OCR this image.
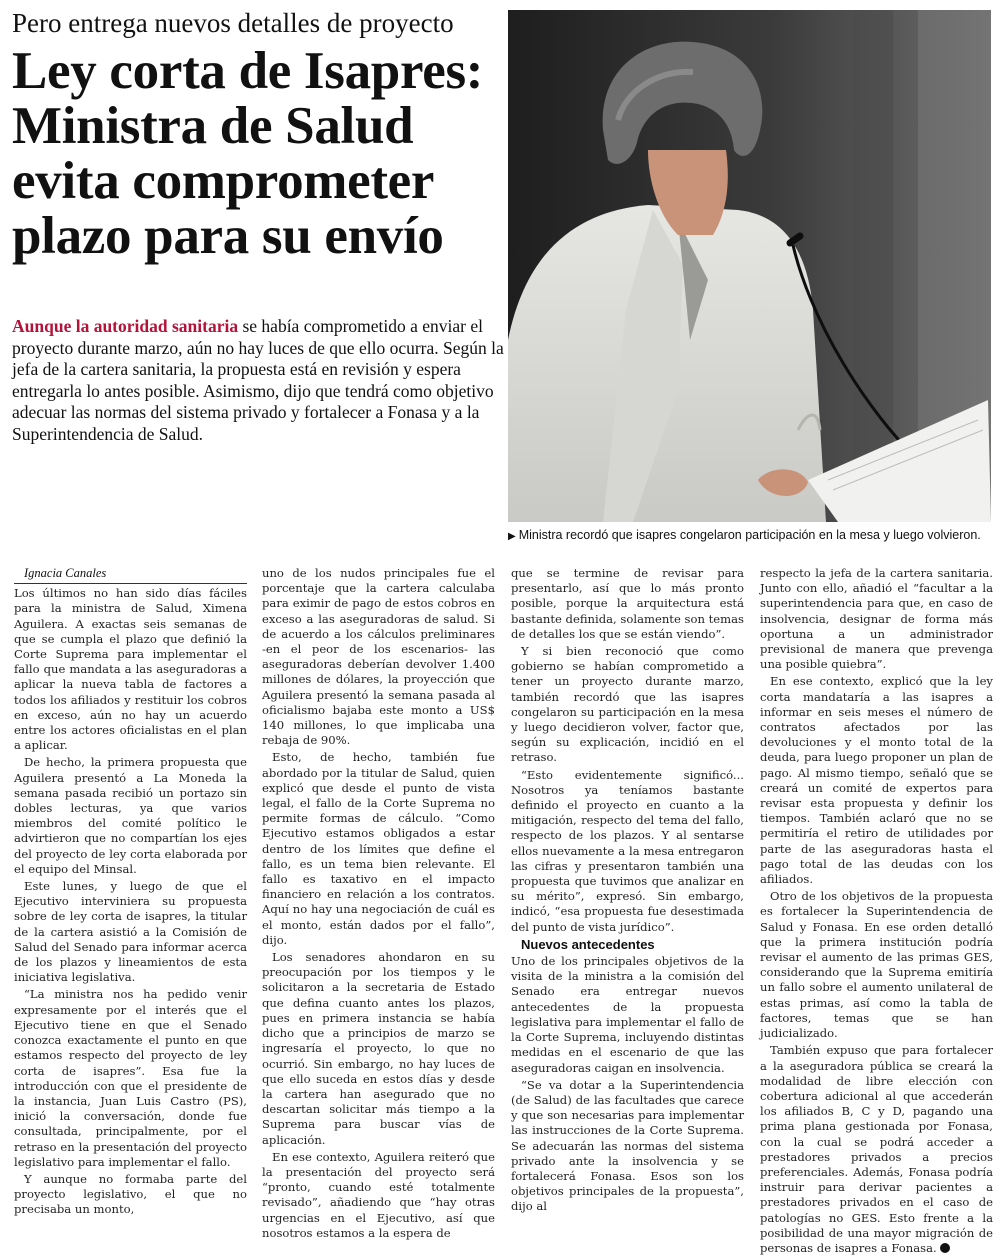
Pero entrega nuevos detalles de proyecto
Ley corta de Isapres:
Ministra de Salud
evita comprometer
plazo para su envío
Aunque la autoridad sanitaria se había comprometido a enviar el proyecto durante marzo, aún no hay luces de que ello ocurra. Según la jefa de la cartera sanitaria, la propuesta está en revisión y espera entregarla lo antes posible. Asimismo, dijo que tendrá como objetivo adecuar las normas del sistema privado y fortalecer a Fonasa y a la Superintendencia de Salud.
▶ Ministra recordó que isapres congelaron participación en la mesa y luego volvieron.

Ignacia Canales

Los últimos no han sido días fáciles para la ministra de Salud, Ximena Aguilera. A exactas seis semanas de que se cumpla el plazo que definió la Corte Suprema para implementar el fallo que mandata a las aseguradoras a aplicar la nueva tabla de factores a todos los afiliados y restituir los cobros en exceso, aún no hay un acuerdo entre los actores oficialistas en el plan a aplicar.

De hecho, la primera propuesta que Aguilera presentó a La Moneda la semana pasada recibió un portazo sin dobles lecturas, ya que varios miembros del comité político le advirtieron que no compartían los ejes del proyecto de ley corta elaborada por el equipo del Minsal.

Este lunes, y luego de que el Ejecutivo interviniera su propuesta sobre de ley corta de isapres, la titular de la cartera asistió a la Comisión de Salud del Senado para informar acerca de los plazos y lineamientos de esta iniciativa legislativa.

“La ministra nos ha pedido venir expresamente por el interés que el Ejecutivo tiene en que el Senado conozca exactamente el punto en que estamos respecto del proyecto de ley corta de isapres”. Esa fue la introducción con que el presidente de la instancia, Juan Luis Castro (PS), inició la conversación, donde fue consultada, principalmente, por el retraso en la presentación del proyecto legislativo para implementar el fallo.

Y aunque no formaba parte del proyecto legislativo, el que no precisaba un monto,

uno de los nudos principales fue el porcentaje que la cartera calculaba para eximir de pago de estos cobros en exceso a las aseguradoras de salud. Si de acuerdo a los cálculos preliminares -en el peor de los escenarios- las aseguradoras deberían devolver 1.400 millones de dólares, la proyección que Aguilera presentó la semana pasada al oficialismo bajaba este monto a US$ 140 millones, lo que implicaba una rebaja de 90%.

Esto, de hecho, también fue abordado por la titular de Salud, quien explicó que desde el punto de vista legal, el fallo de la Corte Suprema no permite formas de cálculo. “Como Ejecutivo estamos obligados a estar dentro de los límites que define el fallo, es un tema bien relevante. El fallo es taxativo en el impacto financiero en relación a los contratos. Aquí no hay una negociación de cuál es el monto, están dados por el fallo”, dijo.

Los senadores ahondaron en su preocupación por los tiempos y le solicitaron a la secretaria de Estado que defina cuanto antes los plazos, pues en primera instancia se había dicho que a principios de marzo se ingresaría el proyecto, lo que no ocurrió. Sin embargo, no hay luces de que ello suceda en estos días y desde la cartera han asegurado que no descartan solicitar más tiempo a la Suprema para buscar vías de aplicación.

En ese contexto, Aguilera reiteró que la presentación del proyecto será “pronto, cuando esté totalmente revisado”, añadiendo que “hay otras urgencias en el Ejecutivo, así que nosotros estamos a la espera de

que se termine de revisar para presentarlo, así que lo más pronto posible, porque la arquitectura está bastante definida, solamente son temas de detalles los que se están viendo”.

Y si bien reconoció que como gobierno se habían comprometido a tener un proyecto durante marzo, también recordó que las isapres congelaron su participación en la mesa y luego decidieron volver, factor que, según su explicación, incidió en el retraso.

“Esto evidentemente significó... Nosotros ya teníamos bastante definido el proyecto en cuanto a la mitigación, respecto del tema del fallo, respecto de los plazos. Y al sentarse ellos nuevamente a la mesa entregaron las cifras y presentaron también una propuesta que tuvimos que analizar en su mérito”, expresó. Sin embargo, indicó, “esa propuesta fue desestimada del punto de vista jurídico”.

Nuevos antecedentes

Uno de los principales objetivos de la visita de la ministra a la comisión del Senado era entregar nuevos antecedentes de la propuesta legislativa para implementar el fallo de la Corte Suprema, incluyendo distintas medidas en el escenario de que las aseguradoras caigan en insolvencia.

“Se va dotar a la Superintendencia (de Salud) de las facultades que carece y que son necesarias para implementar las instrucciones de la Corte Suprema. Se adecuarán las normas del sistema privado ante la insolvencia y se fortalecerá Fonasa. Esos son los objetivos principales de la propuesta”, dijo al

respecto la jefa de la cartera sanitaria. Junto con ello, añadió el “facultar a la superintendencia para que, en caso de insolvencia, designar de forma más oportuna a un administrador previsional de manera que prevenga una posible quiebra”.

En ese contexto, explicó que la ley corta mandataría a las isapres a informar en seis meses el número de contratos afectados por las devoluciones y el monto total de la deuda, para luego proponer un plan de pago. Al mismo tiempo, señaló que se creará un comité de expertos para revisar esta propuesta y definir los tiempos. También aclaró que no se permitiría el retiro de utilidades por parte de las aseguradoras hasta el pago total de las deudas con los afiliados.

Otro de los objetivos de la propuesta es fortalecer la Superintendencia de Salud y Fonasa. En ese orden detalló que la primera institución podría revisar el aumento de las primas GES, considerando que la Suprema emitiría un fallo sobre el aumento unilateral de estas primas, así como la tabla de factores, temas que se han judicializado.

También expuso que para fortalecer a la aseguradora pública se creará la modalidad de libre elección con cobertura adicional al que accederán los afiliados B, C y D, pagando una prima plana gestionada por Fonasa, con la cual se podrá acceder a prestadores privados a precios preferenciales. Además, Fonasa podría instruir para derivar pacientes a prestadores privados en el caso de patologías no GES. Esto frente a la posibilidad de una mayor migración de personas de isapres a Fonasa.
